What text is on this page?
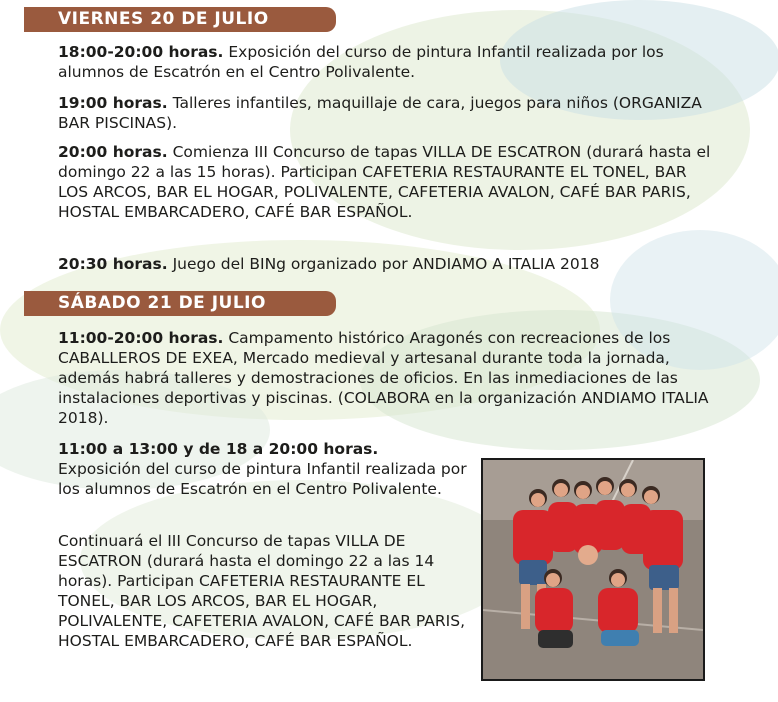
VIERNES 20 DE JULIO

18:00-20:00 horas. Exposición del curso de pintura Infantil realizada por los alumnos de Escatrón en el Centro Polivalente.

19:00 horas. Talleres infantiles, maquillaje de cara, juegos para niños (ORGANIZA BAR PISCINAS).

20:00 horas. Comienza III Concurso de tapas VILLA DE ESCATRON (durará hasta el domingo 22 a las 15 horas). Participan CAFETERIA RESTAURANTE EL TONEL, BAR LOS ARCOS, BAR EL HOGAR, POLIVALENTE, CAFETERIA AVALON, CAFÉ BAR PARIS, HOSTAL EMBARCADERO, CAFÉ BAR ESPAÑOL.

20:30 horas. Juego del BINg organizado por ANDIAMO A ITALIA 2018

SÁBADO 21 DE JULIO

11:00-20:00 horas. Campamento histórico Aragonés con recreaciones de los CABALLEROS DE EXEA, Mercado medieval y artesanal durante toda la jornada, además habrá talleres y demostraciones de oficios. En las inmediaciones de las instalaciones deportivas y piscinas. (COLABORA en la organización ANDIAMO ITALIA 2018).

11:00 a 13:00 y de 18 a 20:00 horas.
Exposición del curso de pintura Infantil realizada por los alumnos de Escatrón en el Centro Polivalente.

Continuará el III Concurso de tapas VILLA DE ESCATRON (durará hasta el domingo 22 a las 14 horas). Participan CAFETERIA RESTAURANTE EL TONEL, BAR LOS ARCOS, BAR EL HOGAR, POLIVALENTE, CAFETERIA AVALON, CAFÉ BAR PARIS, HOSTAL EMBARCADERO, CAFÉ BAR ESPAÑOL.
